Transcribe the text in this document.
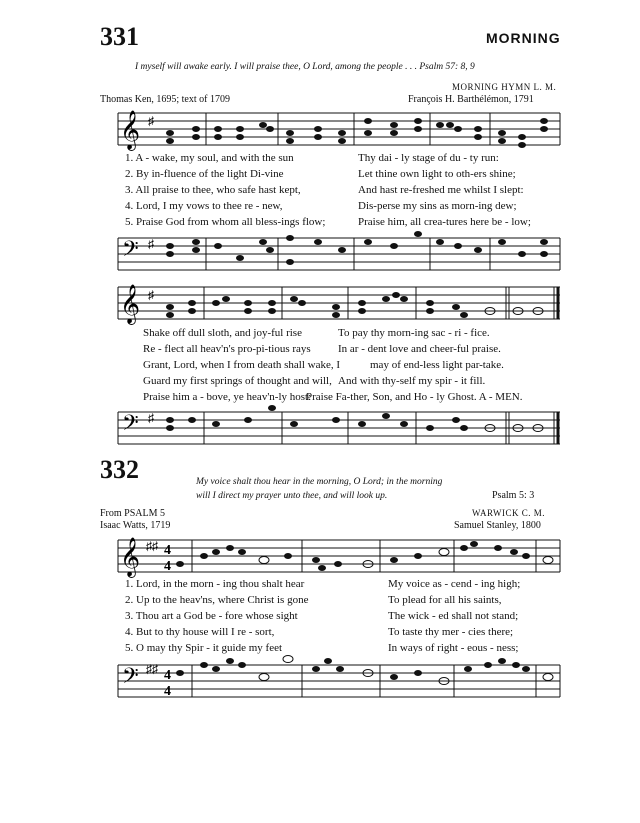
331	MORNING
I myself will awake early. I will praise thee, O Lord, among the people . . . Psalm 57: 8, 9
MORNING HYMN L. M.
Thomas Ken, 1695; text of 1709	François H. Barthélémon, 1791
𝄞 ♯
1. A - wake, my soul, and with the sun
2. By in-fluence of the light Di-vine
3. All praise to thee, who safe hast kept,
4. Lord, I my vows to thee re - new,
5. Praise God from whom all bless-ings flow;
Thy dai - ly stage of du - ty run:
Let thine own light to oth-ers shine;
And hast re-freshed me whilst I slept:
Dis-perse my sins as morn-ing dew;
Praise him, all crea-tures here be - low;
𝄢 ♯
𝄞 ♯
Shake off dull sloth, and joy-ful rise
Re - flect all heav'n's pro-pi-tious rays
Grant, Lord, when I from death shall wake, I
Guard my first springs of thought and will,
Praise him a - bove, ye heav'n-ly host:
To pay thy morn-ing sac - ri - fice.
In ar - dent love and cheer-ful praise.
may of end-less light par-take.
And with thy-self my spir - it fill.
Praise Fa-ther, Son, and Ho - ly Ghost. A - MEN.
𝄢 ♯
332	My voice shalt thou hear in the morning, O Lord; in the morning
will I direct my prayer unto thee, and will look up.	Psalm 5: 3
From PSALM 5	WARWICK C. M.
Isaac Watts, 1719	Samuel Stanley, 1800
𝄞 ♯♯ 4
4
1. Lord, in the morn - ing thou shalt hear
2. Up to the heav'ns, where Christ is gone
3. Thou art a God be - fore whose sight
4. But to thy house will I re - sort,
5. O may thy Spir - it guide my feet
My voice as - cend - ing high;
To plead for all his saints,
The wick - ed shall not stand;
To taste thy mer - cies there;
In ways of right - eous - ness;
𝄢 ♯♯ 4
4
